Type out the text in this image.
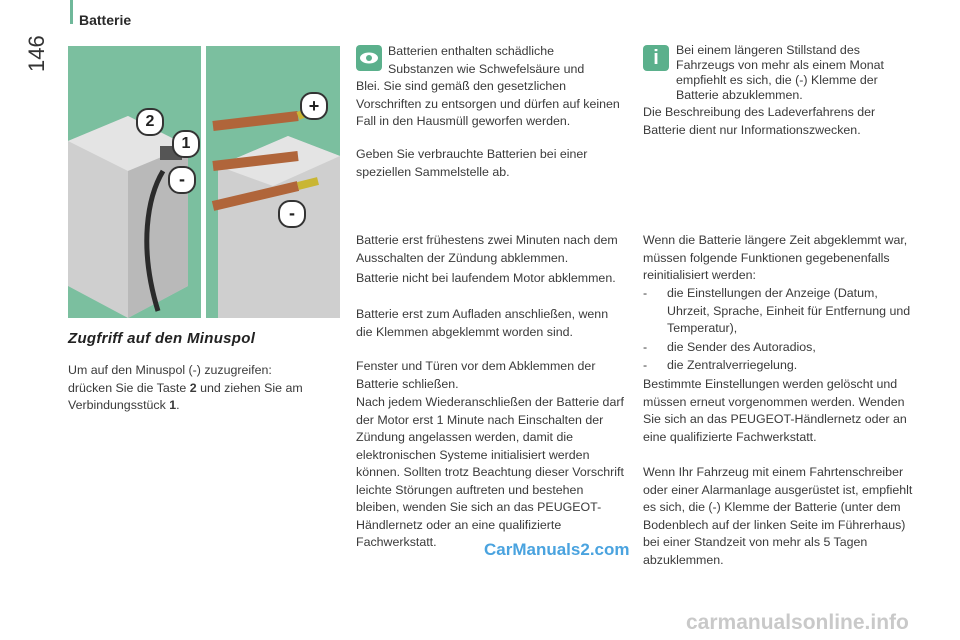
Batterie
146
2
1
-
+
-
Zugfriff auf den Minuspol

Um auf den Minuspol (-) zuzugreifen:
drücken Sie die Taste 2 und ziehen Sie am
Verbindungsstück 1.

Batterien enthalten schädliche
Substanzen wie Schwefelsäure und

Blei. Sie sind gemäß den gesetzlichen Vorschriften zu entsorgen und dürfen auf keinen Fall in den Hausmüll geworfen werden.

Geben Sie verbrauchte Batterien bei einer speziellen Sammelstelle ab.

Batterie erst frühestens zwei Minuten nach dem Ausschalten der Zündung abklemmen.

Batterie nicht bei laufendem Motor abklemmen.

Batterie erst zum Aufladen anschließen, wenn die Klemmen abgeklemmt worden sind.

Fenster und Türen vor dem Abklemmen der Batterie schließen.

Nach jedem Wiederanschließen der Batterie darf der Motor erst 1 Minute nach Einschalten der Zündung angelassen werden, damit die elektronischen Systeme initialisiert werden können. Sollten trotz Beachtung dieser Vorschrift leichte Störungen auftreten und bestehen bleiben, wenden Sie sich an das PEUGEOT-Händlernetz oder an eine qualifizierte Fachwerkstatt.

i	Bei einem längeren Stillstand des
Fahrzeugs von mehr als einem Monat
empfiehlt es sich, die (-) Klemme der
Batterie abzuklemmen.

Die Beschreibung des Ladeverfahrens der Batterie dient nur Informationszwecken.

Wenn die Batterie längere Zeit abgeklemmt war, müssen folgende Funktionen gegebenenfalls reinitialisiert werden:

- die Einstellungen der Anzeige (Datum, Uhrzeit, Sprache, Einheit für Entfernung und Temperatur),
- die Sender des Autoradios,
- die Zentralverriegelung.

Bestimmte Einstellungen werden gelöscht und müssen erneut vorgenommen werden. Wenden Sie sich an das PEUGEOT-Händlernetz oder an eine qualifizierte Fachwerkstatt.

Wenn Ihr Fahrzeug mit einem Fahrtenschreiber oder einer Alarmanlage ausgerüstet ist, empfiehlt es sich, die (-) Klemme der Batterie (unter dem Bodenblech auf der linken Seite im Führerhaus) bei einer Standzeit von mehr als 5 Tagen abzuklemmen.

CarManuals2.com
carmanualsonline.info
